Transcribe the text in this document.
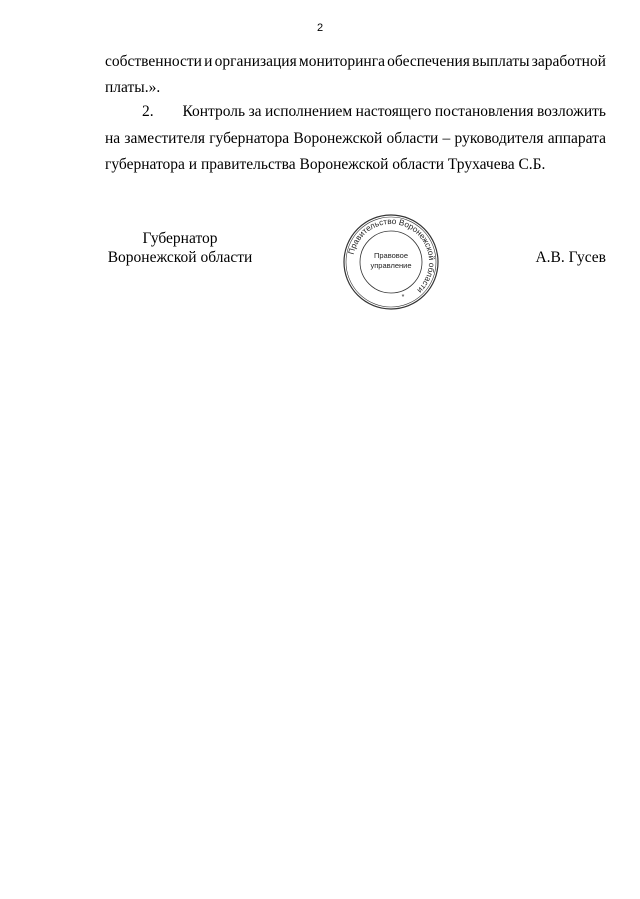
2
собственности и организация мониторинга обеспечения выплаты заработной
платы.».
2.	Контроль за исполнением настоящего постановления возложить
на заместителя губернатора Воронежской области – руководителя аппарата
губернатора и правительства Воронежской области Трухачева С.Б.
Губернатор
Воронежской области	А.В. Гусев
Правительство Воронежской области
Правовое
управление
*
